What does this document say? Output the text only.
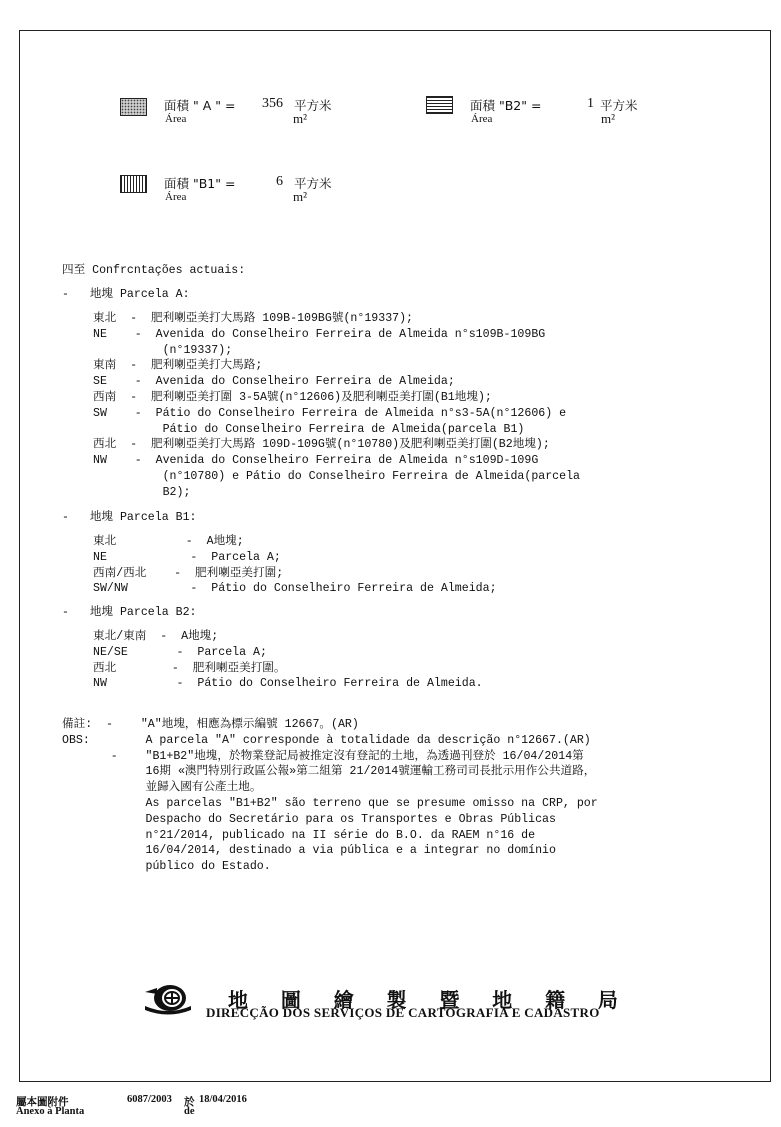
面積 " A " = 356 平方米
Área	m²
面積 "B2" =	1 平方米
Área	m²
面積 "B1" =	6 平方米
Área	m²
四至 Confrcntações actuais:
-   地塊 Parcela A:
東北  -  肥利喇亞美打大馬路 109B-109BG號(n°19337);
NE    -  Avenida do Conselheiro Ferreira de Almeida n°s109B-109BG
(n°19337);
東南  -  肥利喇亞美打大馬路;
SE    -  Avenida do Conselheiro Ferreira de Almeida;
西南  -  肥利喇亞美打圍 3-5A號(n°12606)及肥利喇亞美打圍(B1地塊);
SW    -  Pátio do Conselheiro Ferreira de Almeida n°s3-5A(n°12606) e
Pátio do Conselheiro Ferreira de Almeida(parcela B1)
西北  -  肥利喇亞美打大馬路 109D-109G號(n°10780)及肥利喇亞美打圍(B2地塊);
NW    -  Avenida do Conselheiro Ferreira de Almeida n°s109D-109G
(n°10780) e Pátio do Conselheiro Ferreira de Almeida(parcela
B2);
-   地塊 Parcela B1:
東北          -  A地塊;
NE            -  Parcela A;
西南/西北    -  肥利喇亞美打圍;
SW/NW         -  Pátio do Conselheiro Ferreira de Almeida;
-   地塊 Parcela B2:
東北/東南  -  A地塊;
NE/SE       -  Parcela A;
西北        -  肥利喇亞美打圍。
NW          -  Pátio do Conselheiro Ferreira de Almeida.
備註:  -    "A"地塊，相應為標示編號 12667。(AR)
OBS:        A parcela "A" corresponde à totalidade da descrição n°12667.(AR)
-    "B1+B2"地塊，於物業登記局被推定沒有登記的土地，為透過刊登於 16/04/2014第
16期 «澳門特別行政區公報»第二組第 21/2014號運輸工務司司長批示用作公共道路，
並歸入國有公產土地。
As parcelas "B1+B2" são terreno que se presume omisso na CRP, por
Despacho do Secretário para os Transportes e Obras Públicas
n°21/2014, publicado na II série do B.O. da RAEM n°16 de
16/04/2014, destinado a via pública e a integrar no domínio
público do Estado.
地 圖 繪 製 暨 地 籍 局
DIRECÇÃO DOS SERVIÇOS DE CARTOGRAFIA E CADASTRO
屬本圖附件
Anexo à Planta
6087/2003 於 18/04/2016
de
